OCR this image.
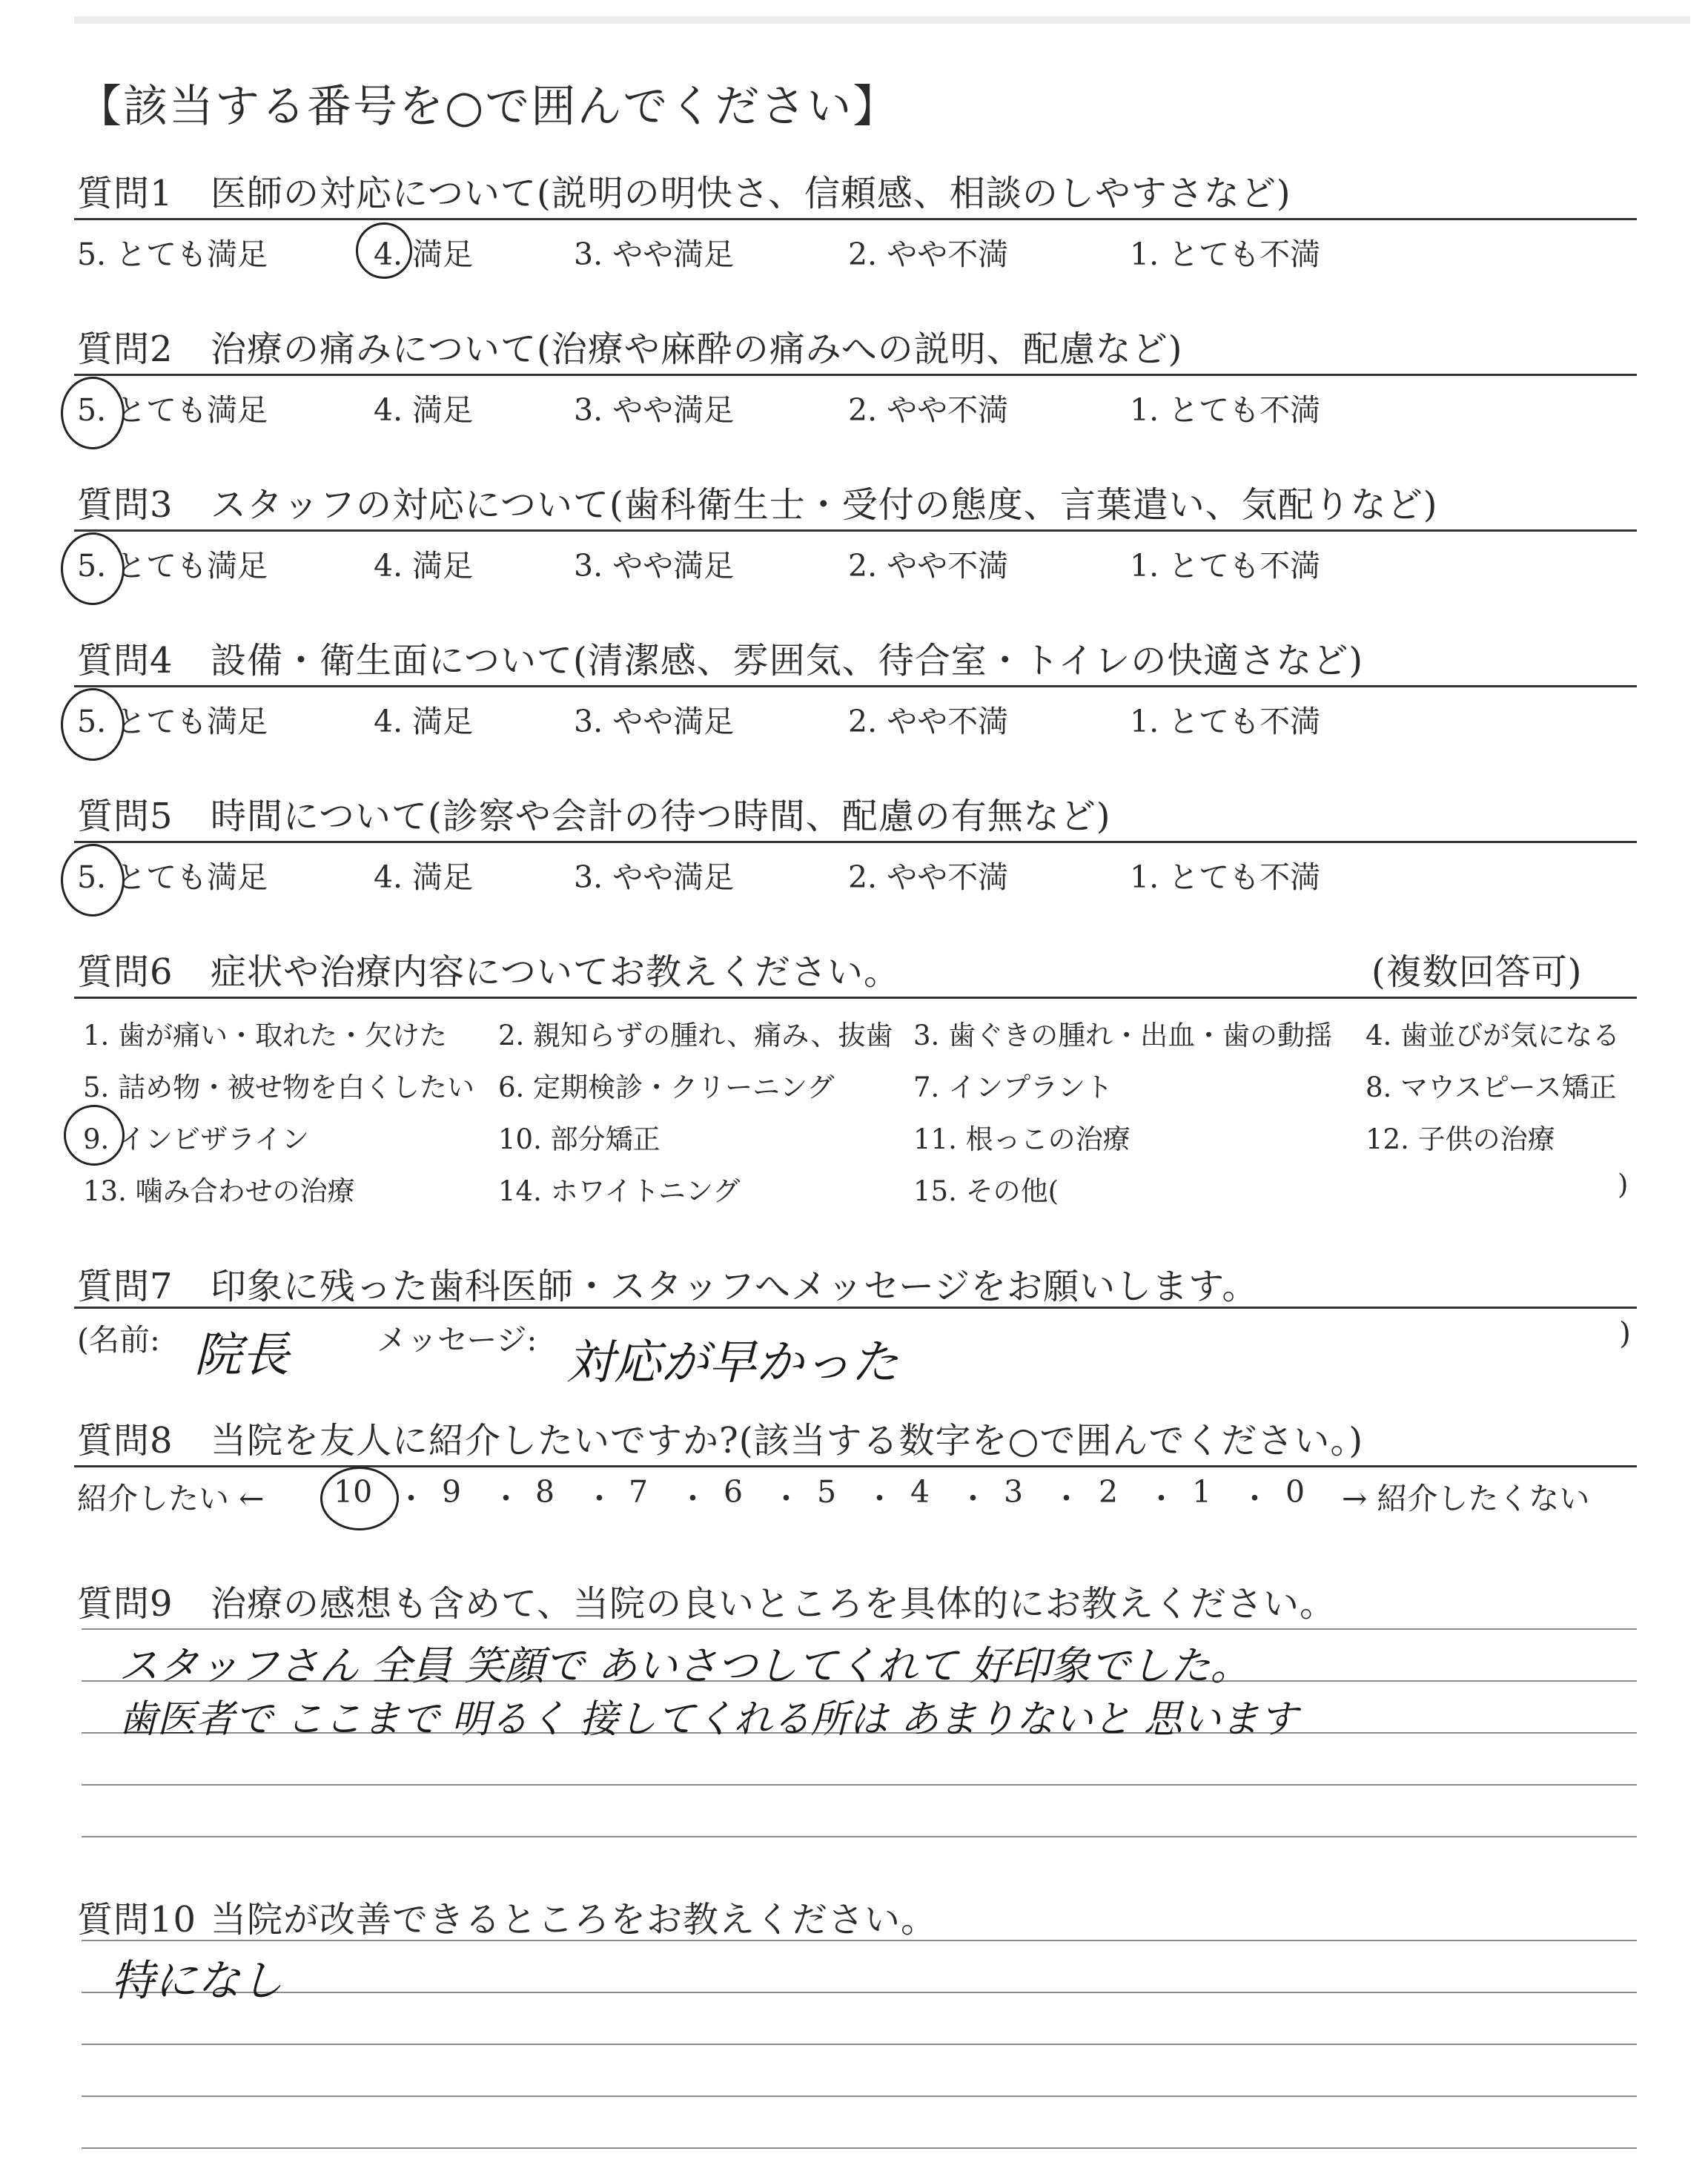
【該当する番号を○で囲んでください】
質問1 医師の対応について(説明の明快さ、信頼感、相談のしやすさなど)
5. とても満足	4. 満足	3. やや満足	2. やや不満	1. とても不満
質問2 治療の痛みについて(治療や麻酔の痛みへの説明、配慮など)
5. とても満足	4. 満足	3. やや満足	2. やや不満	1. とても不満
質問3 スタッフの対応について(歯科衛生士・受付の態度、言葉遣い、気配りなど)
5. とても満足	4. 満足	3. やや満足	2. やや不満	1. とても不満
質問4 設備・衛生面について(清潔感、雰囲気、待合室・トイレの快適さなど)
5. とても満足	4. 満足	3. やや満足	2. やや不満	1. とても不満
質問5 時間について(診察や会計の待つ時間、配慮の有無など)
5. とても満足	4. 満足	3. やや満足	2. やや不満	1. とても不満
質問6 症状や治療内容についてお教えください。	(複数回答可)
1. 歯が痛い・取れた・欠けた 2. 親知らずの腫れ、痛み、抜歯 3. 歯ぐきの腫れ・出血・歯の動揺 4. 歯並びが気になる
5. 詰め物・被せ物を白くしたい 6. 定期検診・クリーニング	7. インプラント	8. マウスピース矯正
9. インビザライン	10. 部分矯正	11. 根っこの治療	12. 子供の治療
13. 噛み合わせの治療	14. ホワイトニング	15. その他(	)
質問7 印象に残った歯科医師・スタッフへメッセージをお願いします。
(名前: 院長	メッセージ: 対応が早かった
)
質問8 当院を友人に紹介したいですか?(該当する数字を○で囲んでください。)
紹介したい ← 10 ・ 9 ・ 8 ・ 7 ・ 6 ・ 5 ・ 4 ・ 3 ・ 2 ・ 1 ・ 0 → 紹介したくない
質問9 治療の感想も含めて、当院の良いところを具体的にお教えください。
スタッフさん 全員 笑顔で あいさつしてくれて 好印象でした。
歯医者で ここまで 明るく 接してくれる所は あまりないと 思います
質問10 当院が改善できるところをお教えください。
特になし
